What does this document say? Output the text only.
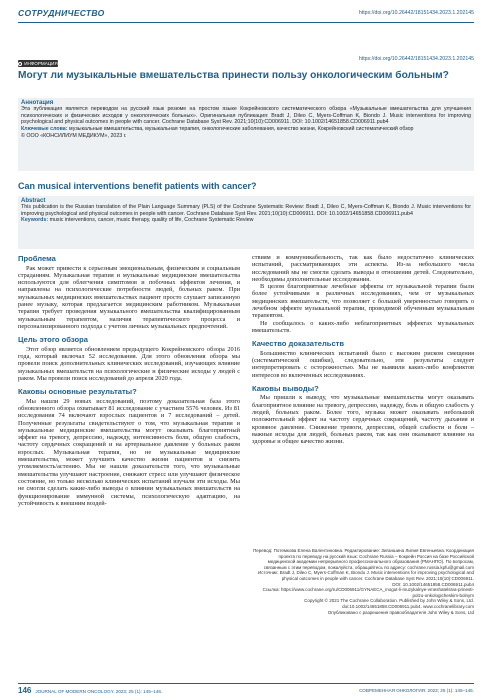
СОТРУДНИЧЕСТВО	https://doi.org/10.26442/18151434.2023.1.202145
https://doi.org/10.26442/18151434.2023.1.202145
ИНФОРМАЦИЯ
Могут ли музыкальные вмешательства принести пользу онкологическим больным?
Аннотация

Эта публикация является переводом на русский язык резюме на простом языке Кокрейновского систематического обзора «Музыкальные вмешательства для улучшения психологических и физических исходов у онкологических больных». Оригинальная публикация: Bradt J, Dileo C, Myers-Coffman K, Biondo J. Music interventions for improving psychological and physical outcomes in people with cancer. Cochrane Database Syst Rev. 2021;10(10):CD006911. DOI: 10.1002/14651858.CD006911.pub4

Ключевые слова: музыкальные вмешательства, музыкальная терапия, онкологические заболевания, качество жизни, Кокрейновский систематический обзор

© ООО «КОНСИЛИУМ МЕДИКУМ», 2023 г.

Can musical interventions benefit patients with cancer?
Abstract

This publication is the Russian translation of the Plain Language Summary (PLS) of the Cochrane Systematic Review: Bradt J, Dileo C, Myers-Coffman K, Biondo J. Music interventions for improving psychological and physical outcomes in people with cancer. Cochrane Database Syst Rev. 2021;10(10):CD006911. DOI: 10.1002/14651858.CD006911.pub4

Keywords: music interventions, cancer, music therapy, quality of life, Cochrane Systematic Review

Проблема

Рак может привести к серьезным эмоциональным, физическим и социальным страданиям. Музыкальная терапия и музыкальные медицинские вмешательства используются для облегчения симптомов и побочных эффектов лечения, и направлены на психологические потребности людей, больных раком. При музыкальных медицинских вмешательствах пациент просто слушает записанную ранее музыку, которая предлагается медицинским работником. Музыкальная терапия требует проведения музыкального вмешательства квалифицированным музыкальным терапевтом, наличия терапевтического процесса и персонализированного подхода с учетом личных музыкальных предпочтений.

Цель этого обзора

Этот обзор является обновлением предыдущего Кокрейновского обзора 2016 года, который включал 52 исследования. Для этого обновления обзора мы провели поиск дополнительных клинических исследований, изучающих влияние музыкальных вмешательств на психологические и физические исходы у людей с раком. Мы провели поиск исследований до апреля 2020 года.

Каковы основные результаты?

Мы нашли 29 новых исследований, поэтому доказательная база этого обновленного обзора охватывает 81 исследование с участием 5576 человек. Из 81 исследования 74 включают взрослых пациентов и 7 исследований – детей. Полученные результаты свидетельствуют о том, что музыкальная терапия и музыкальные медицинские вмешательства могут оказывать благоприятный эффект на тревогу, депрессию, надежду, интенсивность боли, общую слабость, частоту сердечных сокращений и на артериальное давление у больных раком взрослых. Музыкальная терапия, но не музыкальные медицинские вмешательства, может улучшить качество жизни пациентов и снизить утомляемость/астению. Мы не нашли доказательств того, что музыкальные вмешательства улучшают настроение, снижают стресс или улучшают физическое состояние, но только несколько клинических испытаний изучали эти исходы. Мы не смогли сделать какие-либо выводы о влиянии музыкальных вмешательств на функционирование иммунной системы, психологическую адаптацию, на устойчивость к внешним воздей-

ствиям и коммуникабельность, так как было недостаточно клинических испытаний, рассматривающих эти аспекты. Из-за небольшого числа исследований мы не смогли сделать выводы в отношении детей. Следовательно, необходимы дополнительные исследования.

В целом благоприятные лечебные эффекты от музыкальной терапии были более устойчивыми в различных исследованиях, чем от музыкальных медицинских вмешательств, что позволяет с большей уверенностью говорить о лечебном эффекте музыкальной терапии, проводимой обученным музыкальным терапевтом.

Не сообщалось о каких-либо неблагоприятных эффектах музыкальных вмешательств.

Качество доказательств

Большинство клинических испытаний было с высоким риском смещения (систематической ошибки), следовательно, эти результаты следует интерпретировать с осторожностью. Мы не выявили каких-либо конфликтов интересов во включенных исследованиях.

Каковы выводы?

Мы пришли к выводу, что музыкальные вмешательства могут оказывать благоприятное влияние на тревогу, депрессию, надежду, боль и общую слабость у людей, больных раком. Более того, музыка может оказывать небольшой положительный эффект на частоту сердечных сокращений, частоту дыхания и кровяное давление. Снижение тревоги, депрессии, общей слабости и боли – важные исходы для людей, больных раком, так как они оказывают влияние на здоровье и общее качество жизни.

Перевод: Потемкова Елена Валентиновна. Редактирование: Зиганшина Лилия Евгеньевна. Координация проекта по переводу на русский язык: Cochrane Russia – Кокрейн Россия на базе Российской медицинской академии непрерывного профессионального образования (РМАНПО). По вопросам, связанным с этим переводом, пожалуйста, обращайтесь по адресу: cochrane.russia.kpfu@gmail.com
Источник: Bradt J, Dileo C, Myers-Coffman K, Biondo J. Music interventions for improving psychological and physical outcomes in people with cancer. Cochrane Database Syst Rev. 2021;10(10):CD006911.
DOI: 10.1002/14651858.CD006911.pub4
Ссылка: https://www.cochrane.org/ru/CD006911/GYNAECA_mogut-li-muzykalnye-vmeshatelstva-prinesti-polzu-onkologicheskim-bolnym
Copyright © 2021 The Cochrane Collaboration. Published by John Wiley & Sons, Ltd. doi:10.1002/14651858.CD006911.pub4. www.cochranelibrary.com
Опубликовано с разрешения правообладателя John Wiley & Sons, Ltd
146 JOURNAL OF MODERN ONCOLOGY. 2023; 25 (1): 145–146.	СОВРЕМЕННАЯ ОНКОЛОГИЯ. 2023; 25 (1): 145–146.
